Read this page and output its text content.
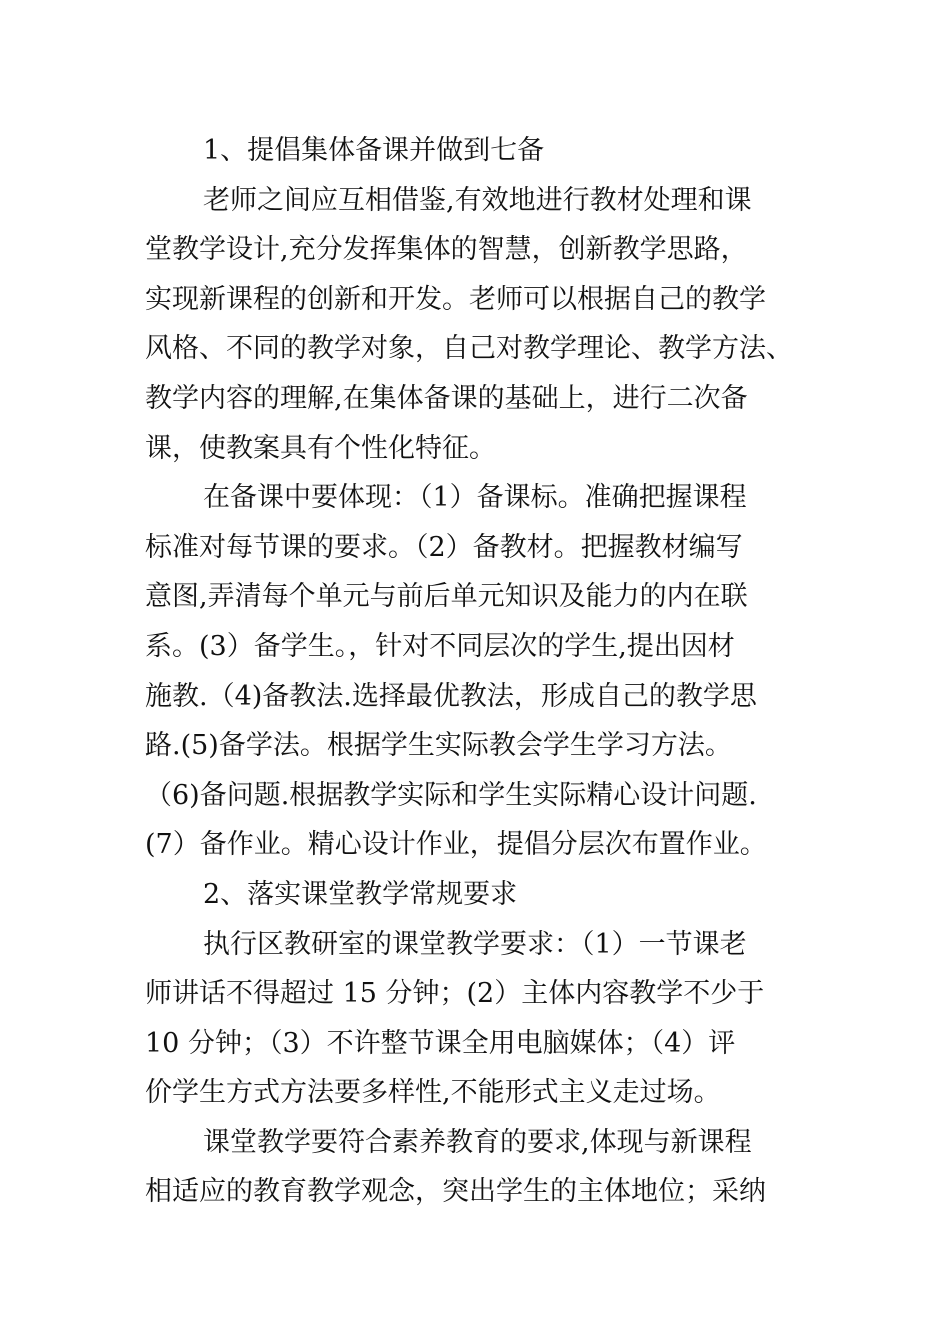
1、提倡集体备课并做到七备
老师之间应互相借鉴,有效地进行教材处理和课
堂教学设计,充分发挥集体的智慧，创新教学思路，
实现新课程的创新和开发。老师可以根据自己的教学
风格、不同的教学对象，自己对教学理论、教学方法、
教学内容的理解,在集体备课的基础上，进行二次备
课，使教案具有个性化特征。
在备课中要体现：（1）备课标。准确把握课程
标准对每节课的要求。（2）备教材。把握教材编写
意图,弄清每个单元与前后单元知识及能力的内在联
系。(3）备学生。，针对不同层次的学生,提出因材
施教.（4)备教法.选择最优教法，形成自己的教学思
路.(5)备学法。根据学生实际教会学生学习方法。
（6)备问题.根据教学实际和学生实际精心设计问题.
(7）备作业。精心设计作业，提倡分层次布置作业。
2、落实课堂教学常规要求
执行区教研室的课堂教学要求：（1）一节课老
师讲话不得超过 15 分钟；(2）主体内容教学不少于
10 分钟；（3）不许整节课全用电脑媒体；（4）评
价学生方式方法要多样性,不能形式主义走过场。
课堂教学要符合素养教育的要求,体现与新课程
相适应的教育教学观念，突出学生的主体地位；采纳
